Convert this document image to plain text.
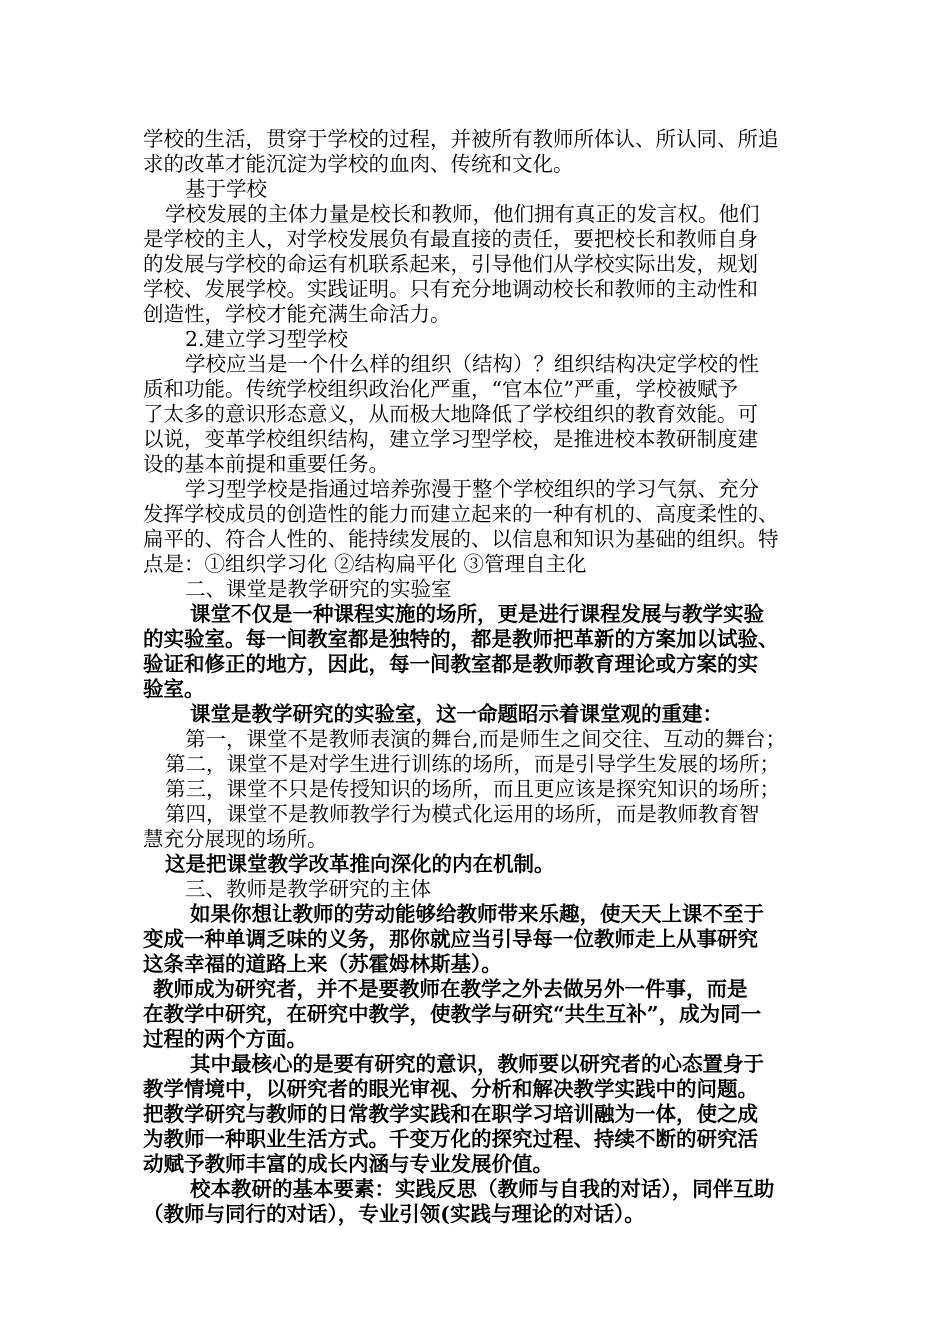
学校的生活，贯穿于学校的过程，并被所有教师所体认、所认同、所追
求的改革才能沉淀为学校的血肉、传统和文化。
基于学校
学校发展的主体力量是校长和教师，他们拥有真正的发言权。他们
是学校的主人，对学校发展负有最直接的责任，要把校长和教师自身
的发展与学校的命运有机联系起来，引导他们从学校实际出发，规划
学校、发展学校。实践证明。只有充分地调动校长和教师的主动性和
创造性，学校才能充满生命活力。
2.建立学习型学校
学校应当是一个什么样的组织（结构）？组织结构决定学校的性
质和功能。传统学校组织政治化严重，“官本位”严重，学校被赋予
了太多的意识形态意义，从而极大地降低了学校组织的教育效能。可
以说，变革学校组织结构，建立学习型学校，是推进校本教研制度建
设的基本前提和重要任务。
学习型学校是指通过培养弥漫于整个学校组织的学习气氛、充分
发挥学校成员的创造性的能力而建立起来的一种有机的、高度柔性的、
扁平的、符合人性的、能持续发展的、以信息和知识为基础的组织。特
点是：①组织学习化 ②结构扁平化 ③管理自主化
二、课堂是教学研究的实验室
课堂不仅是一种课程实施的场所，更是进行课程发展与教学实验
的实验室。每一间教室都是独特的，都是教师把革新的方案加以试验、
验证和修正的地方，因此，每一间教室都是教师教育理论或方案的实
验室。
课堂是教学研究的实验室，这一命题昭示着课堂观的重建：
第一，课堂不是教师表演的舞台,而是师生之间交往、互动的舞台；
第二，课堂不是对学生进行训练的场所，而是引导学生发展的场所；
第三，课堂不只是传授知识的场所，而且更应该是探究知识的场所；
第四，课堂不是教师教学行为模式化运用的场所，而是教师教育智
慧充分展现的场所。
这是把课堂教学改革推向深化的内在机制。
三、教师是教学研究的主体
如果你想让教师的劳动能够给教师带来乐趣，使天天上课不至于
变成一种单调乏味的义务，那你就应当引导每一位教师走上从事研究
这条幸福的道路上来（苏霍姆林斯基）。
教师成为研究者，并不是要教师在教学之外去做另外一件事，而是
在教学中研究，在研究中教学，使教学与研究“共生互补”，成为同一
过程的两个方面。
其中最核心的是要有研究的意识，教师要以研究者的心态置身于
教学情境中，以研究者的眼光审视、分析和解决教学实践中的问题。
把教学研究与教师的日常教学实践和在职学习培训融为一体，使之成
为教师一种职业生活方式。千变万化的探究过程、持续不断的研究活
动赋予教师丰富的成长内涵与专业发展价值。
校本教研的基本要素：实践反思（教师与自我的对话），同伴互助
（教师与同行的对话），专业引领(实践与理论的对话）。
